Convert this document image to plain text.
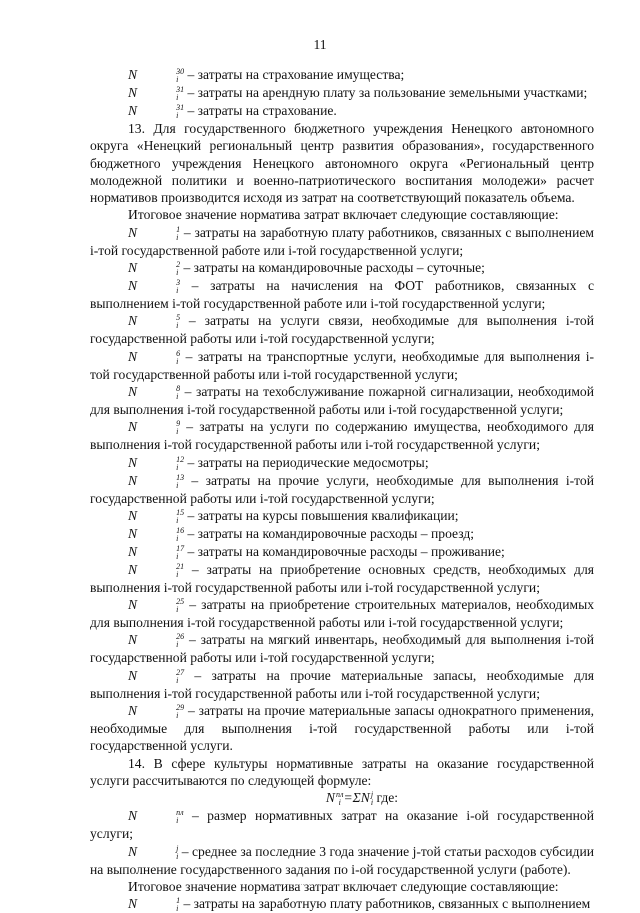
11

N	30
i – затраты на страхование имущества;

N	31
i – затраты на арендную плату за пользование земельными участками;

N	31
i – затраты на страхование.

13. Для государственного бюджетного учреждения Ненецкого автономного округа «Ненецкий региональный центр развития образования», государственного бюджетного учреждения Ненецкого автономного округа «Региональный центр молодежной политики и военно-патриотического воспитания молодежи» расчет нормативов производится исходя из затрат на соответствующий показатель объема.

Итоговое значение норматива затрат включает следующие составляющие:

N	1
i – затраты на заработную плату работников, связанных с выполнением i-той государственной работе или i-той государственной услуги;

N	2
i – затраты на командировочные расходы – суточные;

N	3
i – затраты на начисления на ФОТ работников, связанных с выполнением i-той государственной работе или i-той государственной услуги;

N	5
i – затраты на услуги связи, необходимые для выполнения i-той государственной работы или i-той государственной услуги;

N	6
i – затраты на транспортные услуги, необходимые для выполнения i-той государственной работы или i-той государственной услуги;

N	8
i – затраты на техобслуживание пожарной сигнализации, необходимой для выполнения i-той государственной работы или i-той государственной услуги;

N	9
i – затраты на услуги по содержанию имущества, необходимого для выполнения i-той государственной работы или i-той государственной услуги;

N	12
i – затраты на периодические медосмотры;

N	13
i – затраты на прочие услуги, необходимые для выполнения i-той государственной работы или i-той государственной услуги;

N	15
i – затраты на курсы повышения квалификации;

N	16
i – затраты на командировочные расходы – проезд;

N	17
i – затраты на командировочные расходы – проживание;

N	21
i – затраты на приобретение основных средств, необходимых для выполнения i-той государственной работы или i-той государственной услуги;

N	25
i – затраты на приобретение строительных материалов, необходимых для выполнения i-той государственной работы или i-той государственной услуги;

N	26
i – затраты на мягкий инвентарь, необходимый для выполнения i-той государственной работы или i-той государственной услуги;

N	27
i – затраты на прочие материальные запасы, необходимые для выполнения i-той государственной работы или i-той государственной услуги;

N	29
i – затраты на прочие материальные запасы однократного применения, необходимые для выполнения i-той государственной работы или i-той государственной услуги.

14. В сфере культуры нормативные затраты на оказание государственной услуги рассчитываются по следующей формуле:

N пл
i =ΣN j
i где:

N	пл
i – размер нормативных затрат на оказание i-ой государственной услуги;

N	j
i – среднее за последние 3 года значение j-той статьи расходов субсидии на выполнение государственного задания по i-ой государственной услуги (работе).

Итоговое значение норматива затрат включает следующие составляющие:

N	1
i – затраты на заработную плату работников, связанных с выполнением
